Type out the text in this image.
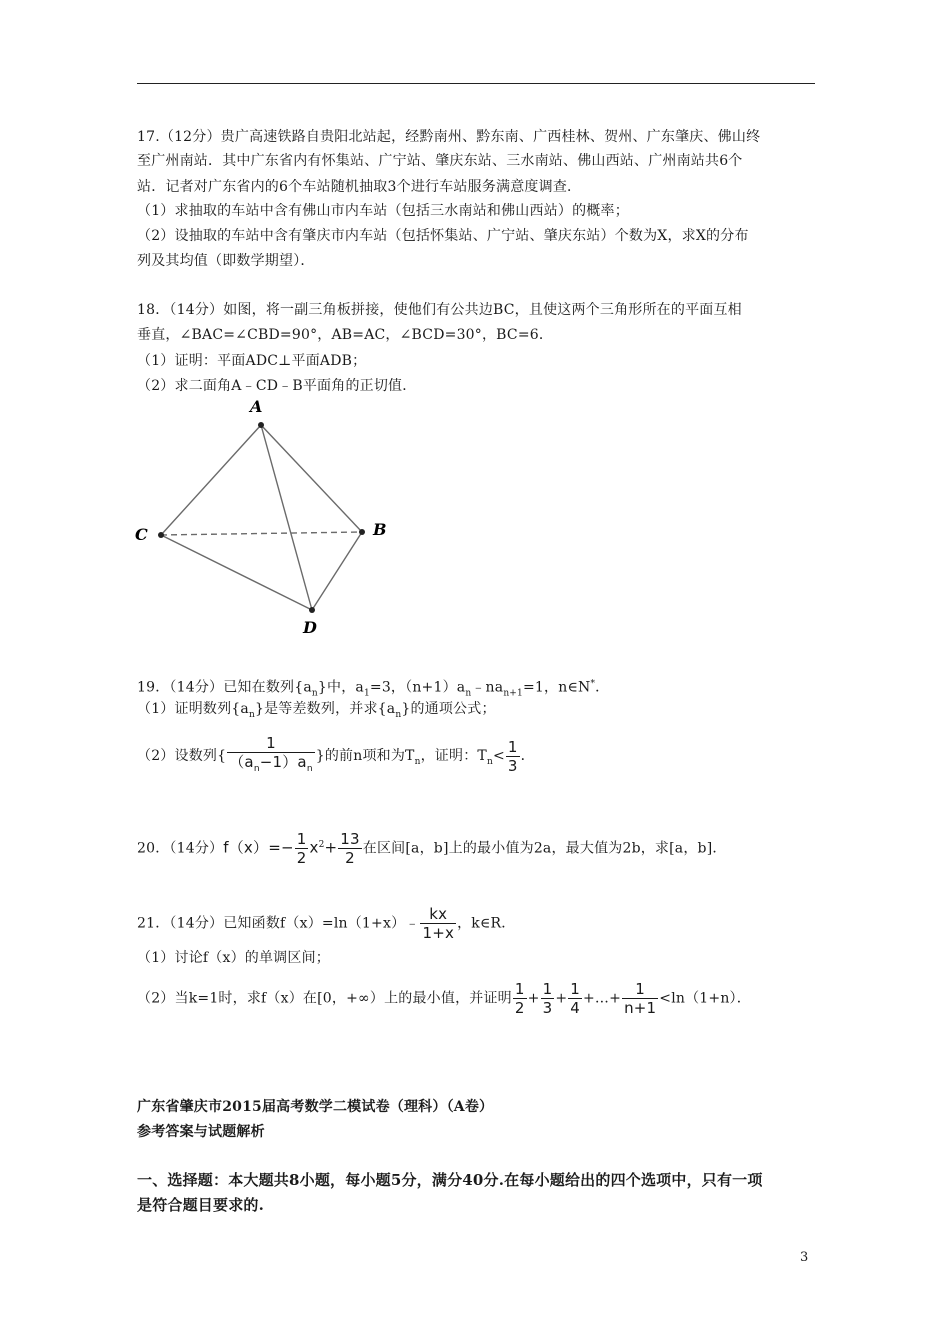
17.（12分）贵广高速铁路自贵阳北站起，经黔南州、黔东南、广西桂林、贺州、广东肇庆、佛山终
至广州南站．其中广东省内有怀集站、广宁站、肇庆东站、三水南站、佛山西站、广州南站共6个
站．记者对广东省内的6个车站随机抽取3个进行车站服务满意度调查．
（1）求抽取的车站中含有佛山市内车站（包括三水南站和佛山西站）的概率；
（2）设抽取的车站中含有肇庆市内车站（包括怀集站、广宁站、肇庆东站）个数为X，求X的分布
列及其均值（即数学期望）．
18．（14分）如图，将一副三角板拼接，使他们有公共边BC，且使这两个三角形所在的平面互相
垂直，∠BAC=∠CBD=90°，AB=AC，∠BCD=30°，BC=6．
（1）证明：平面ADC⊥平面ADB；
（2）求二面角A﹣CD﹣B平面角的正切值．
A
C	B
D
19．（14分）已知在数列$\{a_n\}$中，$a_1=3$，$(n+1)a_n﹣na_{n+1}=1$，n∈N*．
（1）证明数列$\{a_n\}$是等差数列，并求$\{a_n\}$的通项公式；
（2）设数列{ $\frac{1}{(a_n-1)a_n}$ }的前n项和为$T_n$，证明：$T_n< \frac{1}{3}$ ．
20．（14分）$f(x)=- \frac{1}{2} x^2+ \frac{13}{2}$ 在区间[a，b]上的最小值为2a，最大值为2b，求[a，b]．
21．（14分）已知函数f（x）=ln（1+x）﹣ $\frac{kx}{1+x}$ ，k∈R．
（1）讨论f（x）的单调区间；
（2）当k=1时，求f（x）在[0，+∞）上的最小值，并证明 $\frac{1}{2} + \frac{1}{3} + \frac{1}{4}$ +…+ $\frac{1}{n+1} <\ln(1+n)$．
广东省肇庆市2015届高考数学二模试卷（理科）（A卷）
参考答案与试题解析
一、选择题：本大题共8小题，每小题5分，满分40分.在每小题给出的四个选项中，只有一项
是符合题目要求的.
3
